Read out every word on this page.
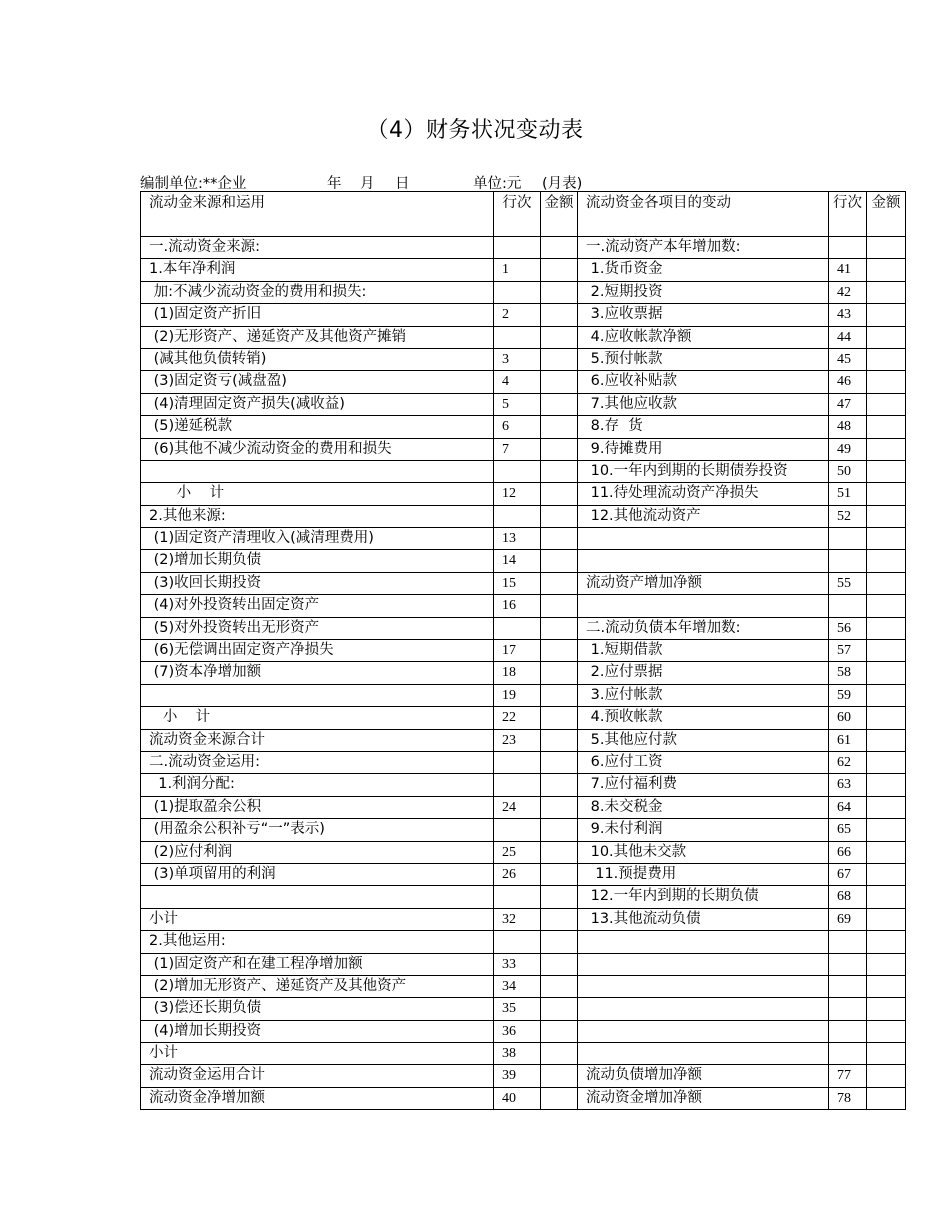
（4）财务状况变动表
编制单位:**企业	年 月 日	单位:元 (月表)
流动金来源和运用	行次	金额	流动资金各项目的变动	行次	金额
一.流动资金来源:			一.流动资产本年增加数:		
1.本年净利润	1		1.货币资金	41	
加:不减少流动资金的费用和损失:			2.短期投资	42	
(1)固定资产折旧	2		3.应收票据	43	
(2)无形资产、递延资产及其他资产摊销			4.应收帐款净额	44	
(减其他负债转销)	3		5.预付帐款	45	
(3)固定资亏(减盘盈)	4		6.应收补贴款	46	
(4)清理固定资产损失(减收益)	5		7.其他应收款	47	
(5)递延税款	6		8.存  货	48	
(6)其他不减少流动资金的费用和损失	7		9.待摊费用	49	
			10.一年内到期的长期债券投资	50	
小    计	12		11.待处理流动资产净损失	51	
2.其他来源:			12.其他流动资产	52	
(1)固定资产清理收入(减清理费用)	13				
(2)增加长期负债	14				
(3)收回长期投资	15		流动资产增加净额	55	
(4)对外投资转出固定资产	16				
(5)对外投资转出无形资产			二.流动负债本年增加数:	56	
(6)无偿调出固定资产净损失	17		1.短期借款	57	
(7)资本净增加额	18		2.应付票据	58	
	19		3.应付帐款	59	
小    计	22		4.预收帐款	60	
流动资金来源合计	23		5.其他应付款	61	
二.流动资金运用:			6.应付工资	62	
1.利润分配:			7.应付福利费	63	
(1)提取盈余公积	24		8.未交税金	64	
(用盈余公积补亏“一”表示)			9.未付利润	65	
(2)应付利润	25		10.其他未交款	66	
(3)单项留用的利润	26		11.预提费用	67	
			12.一年内到期的长期负债	68	
小计	32		13.其他流动负债	69	
2.其他运用:					
(1)固定资产和在建工程净增加额	33				
(2)增加无形资产、递延资产及其他资产	34				
(3)偿还长期负债	35				
(4)增加长期投资	36				
小计	38				
流动资金运用合计	39		流动负债增加净额	77	
流动资金净增加额	40		流动资金增加净额	78	
